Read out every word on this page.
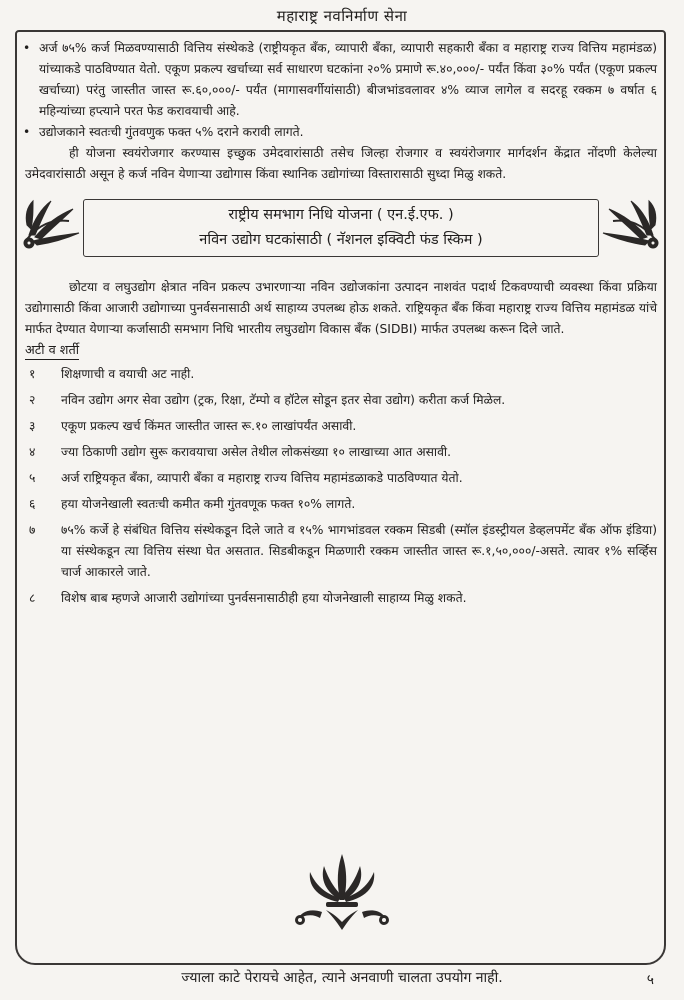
महाराष्ट्र नवनिर्माण सेना

• अर्ज ७५% कर्ज मिळवण्यासाठी वित्तिय संस्थेकडे (राष्ट्रीयकृत बँक, व्यापारी बँका, व्यापारी सहकारी बँका व महाराष्ट्र राज्य वित्तिय महामंडळ) यांच्याकडे पाठविण्यात येतो. एकूण प्रकल्प खर्चाच्या सर्व साधारण घटकांना २०% प्रमाणे रू.४०,०००/- पर्यंत किंवा ३०% पर्यंत (एकूण प्रकल्प खर्चाच्या) परंतु जास्तीत जास्त रू.६०,०००/- पर्यंत (मागासवर्गीयांसाठी) बीजभांडवलावर ४% व्याज लागेल व सदरहू रक्कम ७ वर्षात ६ महिन्यांच्या हप्त्याने परत फेड करावयाची आहे.

• उद्योजकाने स्वतःची गुंतवणुक फक्त ५% दराने करावी लागते.

ही योजना स्वयंरोजगार करण्यास इच्छुक उमेदवारांसाठी तसेच जिल्हा रोजगार व स्वयंरोजगार मार्गदर्शन केंद्रात नोंदणी केलेल्या उमेदवारांसाठी असून हे कर्ज नविन येणाऱ्या उद्योगास किंवा स्थानिक उद्योगांच्या विस्तारासाठी सुध्दा मिळु शकते.

राष्ट्रीय समभाग निधि योजना ( एन.ई.एफ. )
नविन उद्योग घटकांसाठी ( नॅशनल इक्विटी फंड स्किम )

छोटया व लघुउद्योग क्षेत्रात नविन प्रकल्प उभारणाऱ्या नविन उद्योजकांना उत्पादन नाशवंत पदार्थ टिकवण्याची व्यवस्था किंवा प्रक्रिया उद्योगासाठी किंवा आजारी उद्योगाच्या पुनर्वसनासाठी अर्थ साहाय्य उपलब्ध होऊ शकते. राष्ट्रियकृत बँक किंवा महाराष्ट्र राज्य वित्तिय महामंडळ यांचे मार्फत देण्यात येणाऱ्या कर्जासाठी समभाग निधि भारतीय लघुउद्योग विकास बँक (SIDBI) मार्फत उपलब्ध करून दिले जाते.

अटी व शर्ती
१ शिक्षणाची व वयाची अट नाही.
२ नविन उद्योग अगर सेवा उद्योग (ट्रक, रिक्षा, टॅम्पो व हॉटेल सोडून इतर सेवा उद्योग) करीता कर्ज मिळेल.
३ एकूण प्रकल्प खर्च किंमत जास्तीत जास्त रू.१० लाखांपर्यंत असावी.
४ ज्या ठिकाणी उद्योग सुरू करावयाचा असेल तेथील लोकसंख्या १० लाखाच्या आत असावी.
५ अर्ज राष्ट्रियकृत बँका, व्यापारी बँका व महाराष्ट्र राज्य वित्तिय महामंडळाकडे पाठविण्यात येतो.
६ हया योजनेखाली स्वतःची कमीत कमी गुंतवणूक फक्त १०% लागते.
७ ७५% कर्जे हे संबंधित वित्तिय संस्थेकडून दिले जाते व १५% भागभांडवल रक्कम सिडबी (स्मॉल इंडस्ट्रीयल डेव्हलपमेंट बँक ऑफ इंडिया) या संस्थेकडून त्या वित्तिय संस्था घेत असतात. सिडबीकडून मिळणारी रक्कम जास्तीत जास्त रू.१,५०,०००/-असते. त्यावर १% सर्व्हिस चार्ज आकारले जाते.
८ विशेष बाब म्हणजे आजारी उद्योगांच्या पुनर्वसनासाठीही हया योजनेखाली साहाय्य मिळु शकते.
ज्याला काटे पेरायचे आहेत, त्याने अनवाणी चालता उपयोग नाही.	५
